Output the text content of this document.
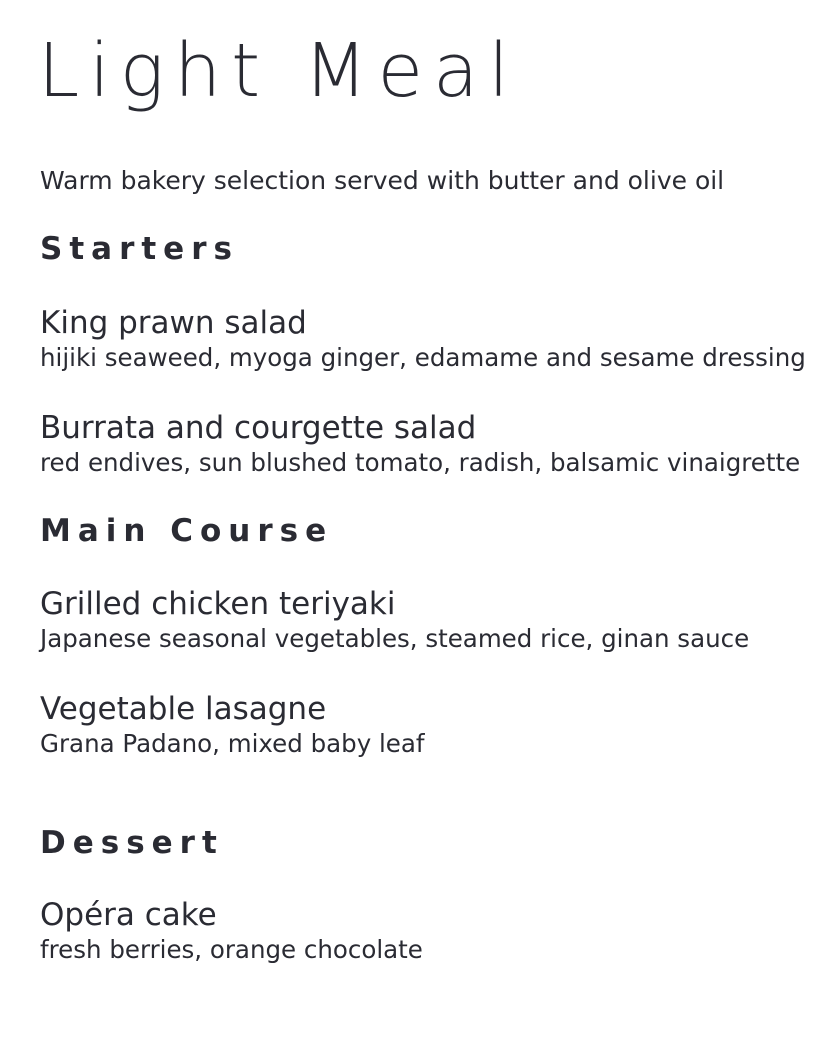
Light Meal

Warm bakery selection served with butter and olive oil

Starters
King prawn salad
hijiki seaweed, myoga ginger, edamame and sesame dressing
Burrata and courgette salad
red endives, sun blushed tomato, radish, balsamic vinaigrette
Main Course
Grilled chicken teriyaki
Japanese seasonal vegetables, steamed rice, ginan sauce
Vegetable lasagne
Grana Padano, mixed baby leaf
Dessert
Opéra cake
fresh berries, orange chocolate
